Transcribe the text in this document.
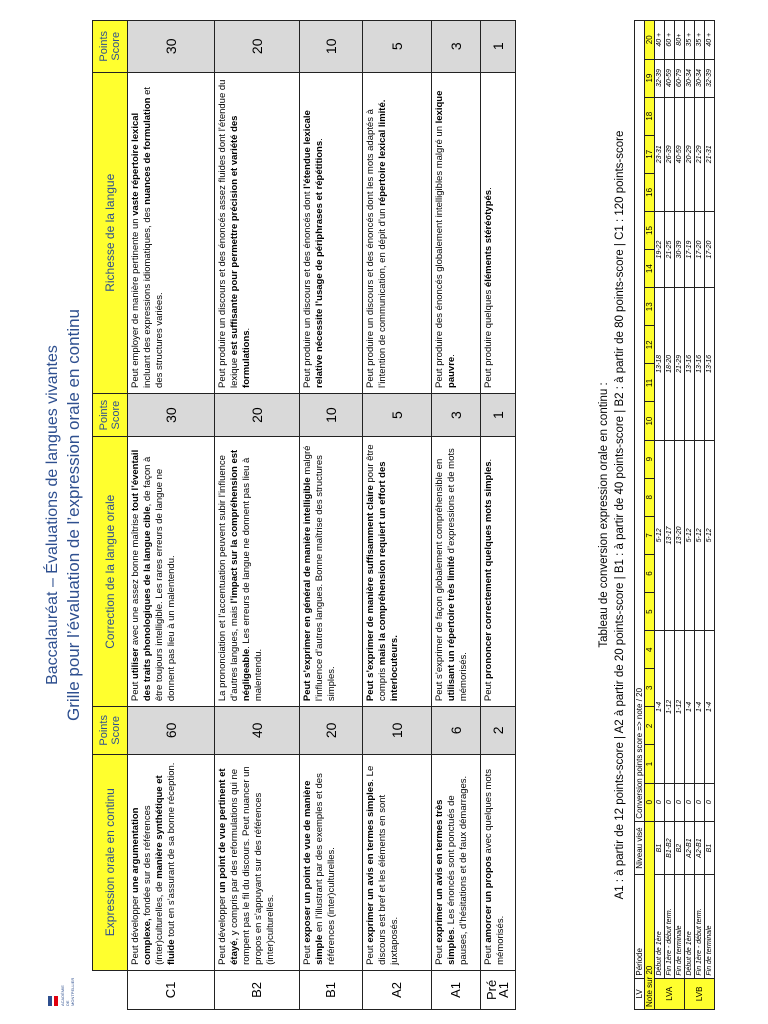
ACADÉMIE DE MONTPELLIER
Baccalauréat – Évaluations de langues vivantes Grille pour l’évaluation de l’expression orale en continu
	Expression orale en continu	Points Score	Correction de la langue orale	Points Score	Richesse de la langue	Points Score
C1	Peut développer une argumentation complexe, fondée sur des références (inter)culturelles, de manière synthétique et fluide tout en s’assurant de sa bonne réception.	60	Peut utiliser avec une assez bonne maîtrise tout l’éventail des traits phonologiques de la langue cible, de façon à être toujours intelligible. Les rares erreurs de langue ne donnent pas lieu à un malentendu.	30	Peut employer de manière pertinente un vaste répertoire lexical incluant des expressions idiomatiques, des nuances de formulation et des structures variées.	30
B2	Peut développer un point de vue pertinent et étayé, y compris par des reformulations qui ne rompent pas le fil du discours. Peut nuancer un propos en s’appuyant sur des références (inter)culturelles.	40	La prononciation et l’accentuation peuvent subir l’influence d’autres langues, mais l’impact sur la compréhension est négligeable. Les erreurs de langue ne donnent pas lieu à malentendu.	20	Peut produire un discours et des énoncés assez fluides dont l’étendue du lexique est suffisante pour permettre précision et variété des formulations.	20
B1	Peut exposer un point de vue de manière simple en l’illustrant par des exemples et des références (inter)culturelles.	20	Peut s’exprimer en général de manière intelligible malgré l’influence d’autres langues. Bonne maîtrise des structures simples.	10	Peut produire un discours et des énoncés dont l’étendue lexicale relative nécessite l’usage de périphrases et répétitions.	10
A2	Peut exprimer un avis en termes simples. Le discours est bref et les éléments en sont juxtaposés.	10	Peut s’exprimer de manière suffisamment claire pour être compris mais la compréhension requiert un effort des interlocuteurs.	5	Peut produire un discours et des énoncés dont les mots adaptés à l’intention de communication, en dépit d’un répertoire lexical limité.	5
A1	Peut exprimer un avis en termes très simples. Les énoncés sont ponctués de pauses, d’hésitations et de faux démarrages.	6	Peut s’exprimer de façon globalement compréhensible en utilisant un répertoire très limité d’expressions et de mots mémorisés.	3	Peut produire des énoncés globalement intelligibles malgré un lexique pauvre.	3
Pré A1	Peut amorcer un propos avec quelques mots mémorisés.	2	Peut prononcer correctement quelques mots simples.	1	Peut produire quelques éléments stéréotypés.	1
Tableau de conversion expression orale en continu : A1 : à partir de 12 points-score | A2 à partir de 20 points-score | B1 : à partir de 40 points-score | B2 : à partir de 80 points-score | C1 : 120 points-score
LV	Période	Niveau visé	Conversion points score => note / 20																				
Note sur 20			0	1	2	3	4	5	6	7	8	9	10	11	12	13	14	15	16	17	18	19	20
LVA	Début de 1ère	B1	0	1-4				5-12					13-18				19-22		23-31			32-39	40 +
	Fin 1ère - début term.	B1-B2	0	1-12				13-17					18-20				21-25		26-39			40-59	60 +
	Fin de terminale	B2	0	1-12				13-20					21-29				30-39		40-59			60-79	80+
LVB	Début de 1ère	A2-B1	0	1-4				5-12					13-16				17-19		20-29			30-34	35 +
	Fin 1ère - début term.	A2-B1	0	1-4				5-12					13-16				17-20		21-29			30-34	35 +
	Fin de terminale	B1	0	1-4				5-12					13-16				17-20		21-31			32-39	40 +
